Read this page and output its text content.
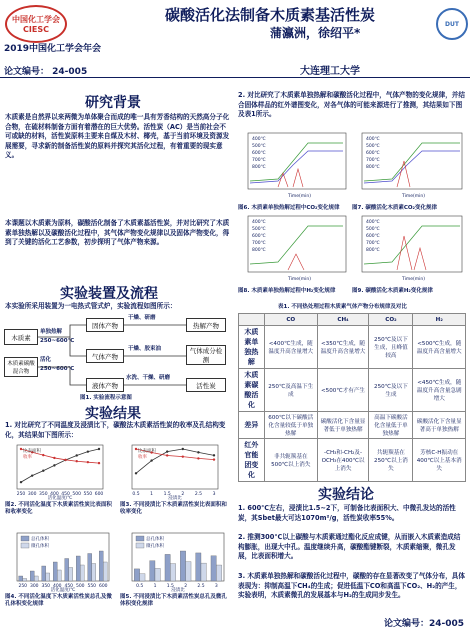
中国化工学会 CIESC
碳酸活化法制备木质素基活性炭
蒲瀛洲，徐绍平*
2019中国化工学会年会
论文编号： 24-005	大连理工大学
DUT
研究背景
木质素是自然界以来两微为单体聚合而成的唯一具有芳香结构的天然高分子化合物，在硫材料制备方面有着潜在的巨大优势。活性炭（AC）是当前社会不可或缺的材料，活性炭原料主要来自煤及木材、椰壳，基于当前环境及资源发展需要，寻求新的制备活性炭的原料并探究其活化过程，有着重要的现实意义。
本课题以木质素为原料，碳酸活化制备了木质素基活性炭，并对比研究了木质素单独热解以及碳酸活化过程中，其气体产物变化规律以及固体产物变化，得到了关键的活化工艺参数，初步探明了气体产物来源。
实验装置及流程
本实验所采用装置为一电热式管式炉，实验流程如图所示：
木质素
木质素碳酸混合物
单独热解
250~600℃
活化
250~600℃
固体产物
气体产物
液体产物
干燥、研磨
干燥、胶束油
水洗、干燥、研磨
热解产物
气体成分检测
活性炭
图1. 实验流程示意图
实验结果
1. 对比研究了不同温度及浸渍比下，碳酸法木质素活性炭的收率及孔结构变化，其结果如下图所示：
250 300 350 400 450 500 550 600
活化温度/℃
比表面积
收率
图2. 不同活化温度下木质素活性炭比表面积和收率变化
0.5 1 1.5 2 2.5 3
浸渍比
比表面积
收率
图3. 不同浸渍比下木质素活性炭比表面积和收率变化
250 300 350 400 450 500 550 600
活化温度/℃
总孔体积
微孔体积
图4. 不同活化温度下木质素活性炭总孔及微孔体积变化规律
0.5 1 1.5 2 2.5 3
浸渍比
总孔体积
微孔体积
图5. 不同浸渍比下木质素活性炭总孔及微孔体积变化规律
2. 对比研究了木质素单独热解和碳酸活化过程中，气体产物的变化规律，并结合固体样品的红外谱图变化，对各气体的可能来源进行了推测，其结果如下图及表1所示。
400℃
500℃
600℃
700℃
800℃
Time(min)
400℃
500℃
600℃
700℃
800℃
Time(min)
图6. 木质素单独热解过程中CO₂变化规律 图7. 碳酸活化木质素CO₂变化规律
400℃
500℃
600℃
700℃
800℃
Time(min)
400℃
500℃
600℃
700℃
800℃
Time(min)
图8. 木质素单独热解过程中H₂变化规律	图9. 碳酸活化木质素H₂变化规律
表1. 不同热处理过程木质素气体产物分布规律及对比
	CO	CH₄	CO₂	H₂
木质素单独热解	<400℃生成，随温度升高含量增大	<350℃生成，随温度升高含量增大	250℃及以下生成，且峰值较高	<500℃生成，随温度升高含量增大
木质素碳酸活化	250℃及高温下生成	<500℃才有产生	250℃及以下生成	<450℃生成，随温度升高含量急剧增大
差异	600℃以下碳酸活化含量较低于单独热解	碳酸活化下含量显著低于单独热解	高温下碳酸活化含量低于单独热解	碳酸活化下含量显著高于单独热解
红外官能团变化	非共轭羰基在500℃以上消失	-CH₃和-CH₂及-OCH₃在400℃以上消失	共轭羰基在250℃以上消失	芳核C-H振动在400℃以上基本消失
实验结论
1. 600℃左右，浸渍比1.5~2下，可制备比表面积大、中微孔发达的活性炭，其Sbet最大可达1070m²/g，活性炭收率55%。
2. 推测300℃以上碳酸与木质素通过酯化反应成键，从而嵌入木质素造成结构膨胀，出现大中孔。温度继续升高，碳酸酯键断裂，木质素缩聚，微孔发展，比表面积增大。
3. 木质素单独热解和碳酸活化过程中，碳酸的存在显著改变了气体分布，具体表现为：抑制高温下CH₄的生成；促进低温下CO和高温下CO₂、H₂的产生，实验表明，木质素微孔的发展基本与H₂的生成同步发生。
论文编号：24-005
